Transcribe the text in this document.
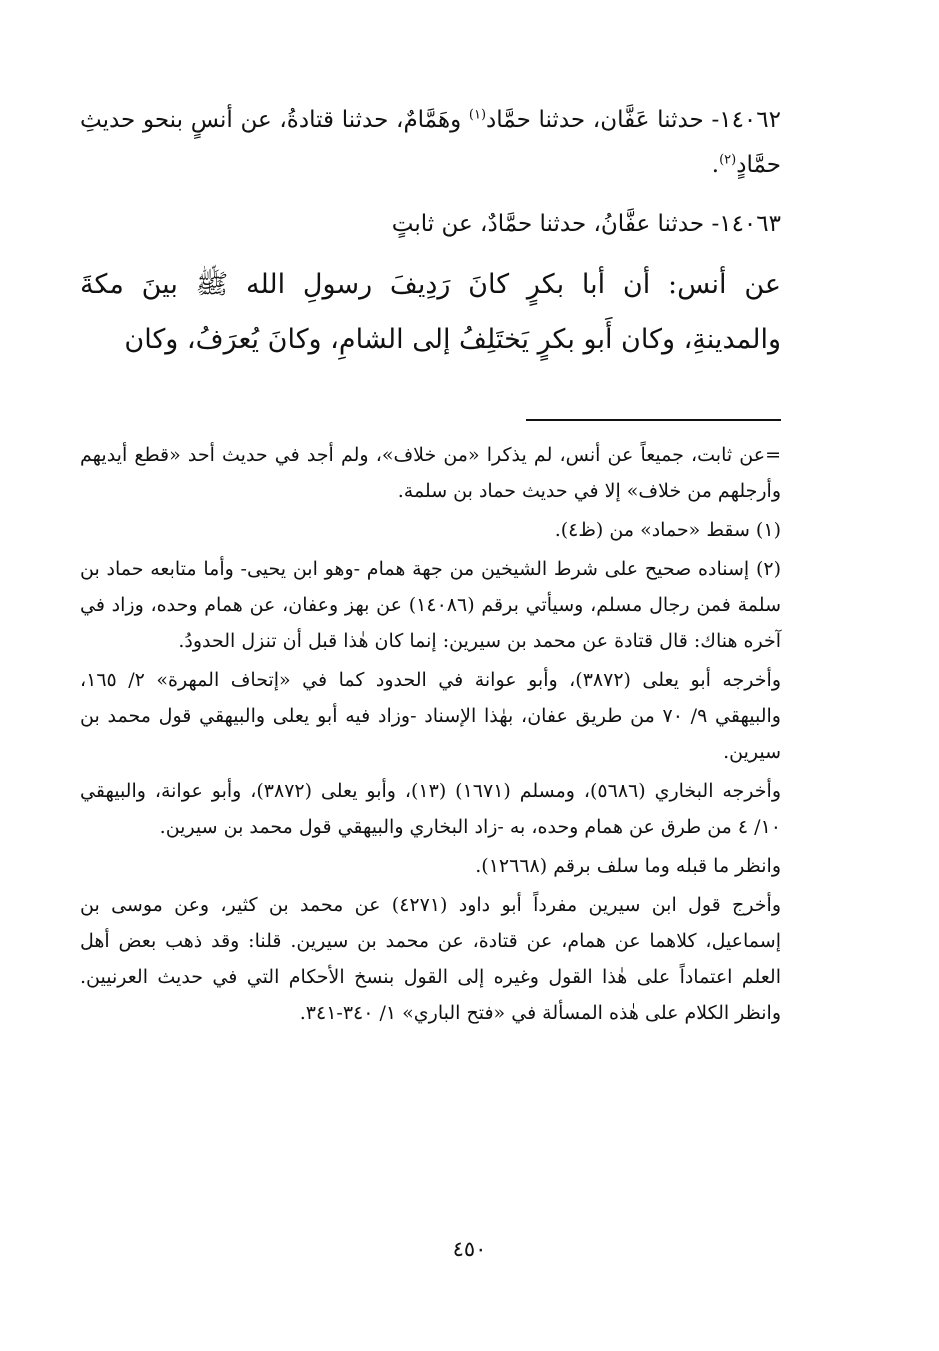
١٤٠٦٢- حدثنا عَفَّان، حدثنا حمَّاد$^{(١)}$ وهَمَّامٌ، حدثنا قتادةُ، عن أنسٍ بنحو حديثِ حمَّادٍ$^{(٢)}$.

١٤٠٦٣- حدثنا عفَّانُ، حدثنا حمَّادٌ، عن ثابتٍ

عن أنس: أن أبا بكرٍ كانَ رَدِيفَ رسولِ الله ﷺ بينَ مكةَ والمدينةِ، وكان أَبو بكرٍ يَختَلِفُ إلى الشامِ، وكانَ يُعرَفُ، وكان

=عن ثابت، جميعاً عن أنس، لم يذكرا «من خلاف»، ولم أجد في حديث أحد «قطع أيديهم وأرجلهم من خلاف» إلا في حديث حماد بن سلمة.

(١) سقط «حماد» من (ظ٤).

(٢) إسناده صحيح على شرط الشيخين من جهة همام -وهو ابن يحيى- وأما متابعه حماد بن سلمة فمن رجال مسلم، وسيأتي برقم (١٤٠٨٦) عن بهز وعفان، عن همام وحده، وزاد في آخره هناك: قال قتادة عن محمد بن سيرين: إنما كان هٰذا قبل أن تنزل الحدودُ.

وأخرجه أبو يعلى (٣٨٧٢)، وأبو عوانة في الحدود كما في «إتحاف المهرة» ٢/ ١٦٥، والبيهقي ٩/ ٧٠ من طريق عفان، بهٰذا الإسناد -وزاد فيه أبو يعلى والبيهقي قول محمد بن سيرين.

وأخرجه البخاري (٥٦٨٦)، ومسلم (١٦٧١) (١٣)، وأبو يعلى (٣٨٧٢)، وأبو عوانة، والبيهقي ١٠/ ٤ من طرق عن همام وحده، به -زاد البخاري والبيهقي قول محمد بن سيرين.

وانظر ما قبله وما سلف برقم (١٢٦٦٨).

وأخرج قول ابن سيرين مفرداً أبو داود (٤٢٧١) عن محمد بن كثير، وعن موسى بن إسماعيل، كلاهما عن همام، عن قتادة، عن محمد بن سيرين. قلنا: وقد ذهب بعض أهل العلم اعتماداً على هٰذا القول وغيره إلى القول بنسخ الأحكام التي في حديث العرنيين. وانظر الكلام على هٰذه المسألة في «فتح الباري» ١/ ٣٤٠-٣٤١.

٤٥٠
